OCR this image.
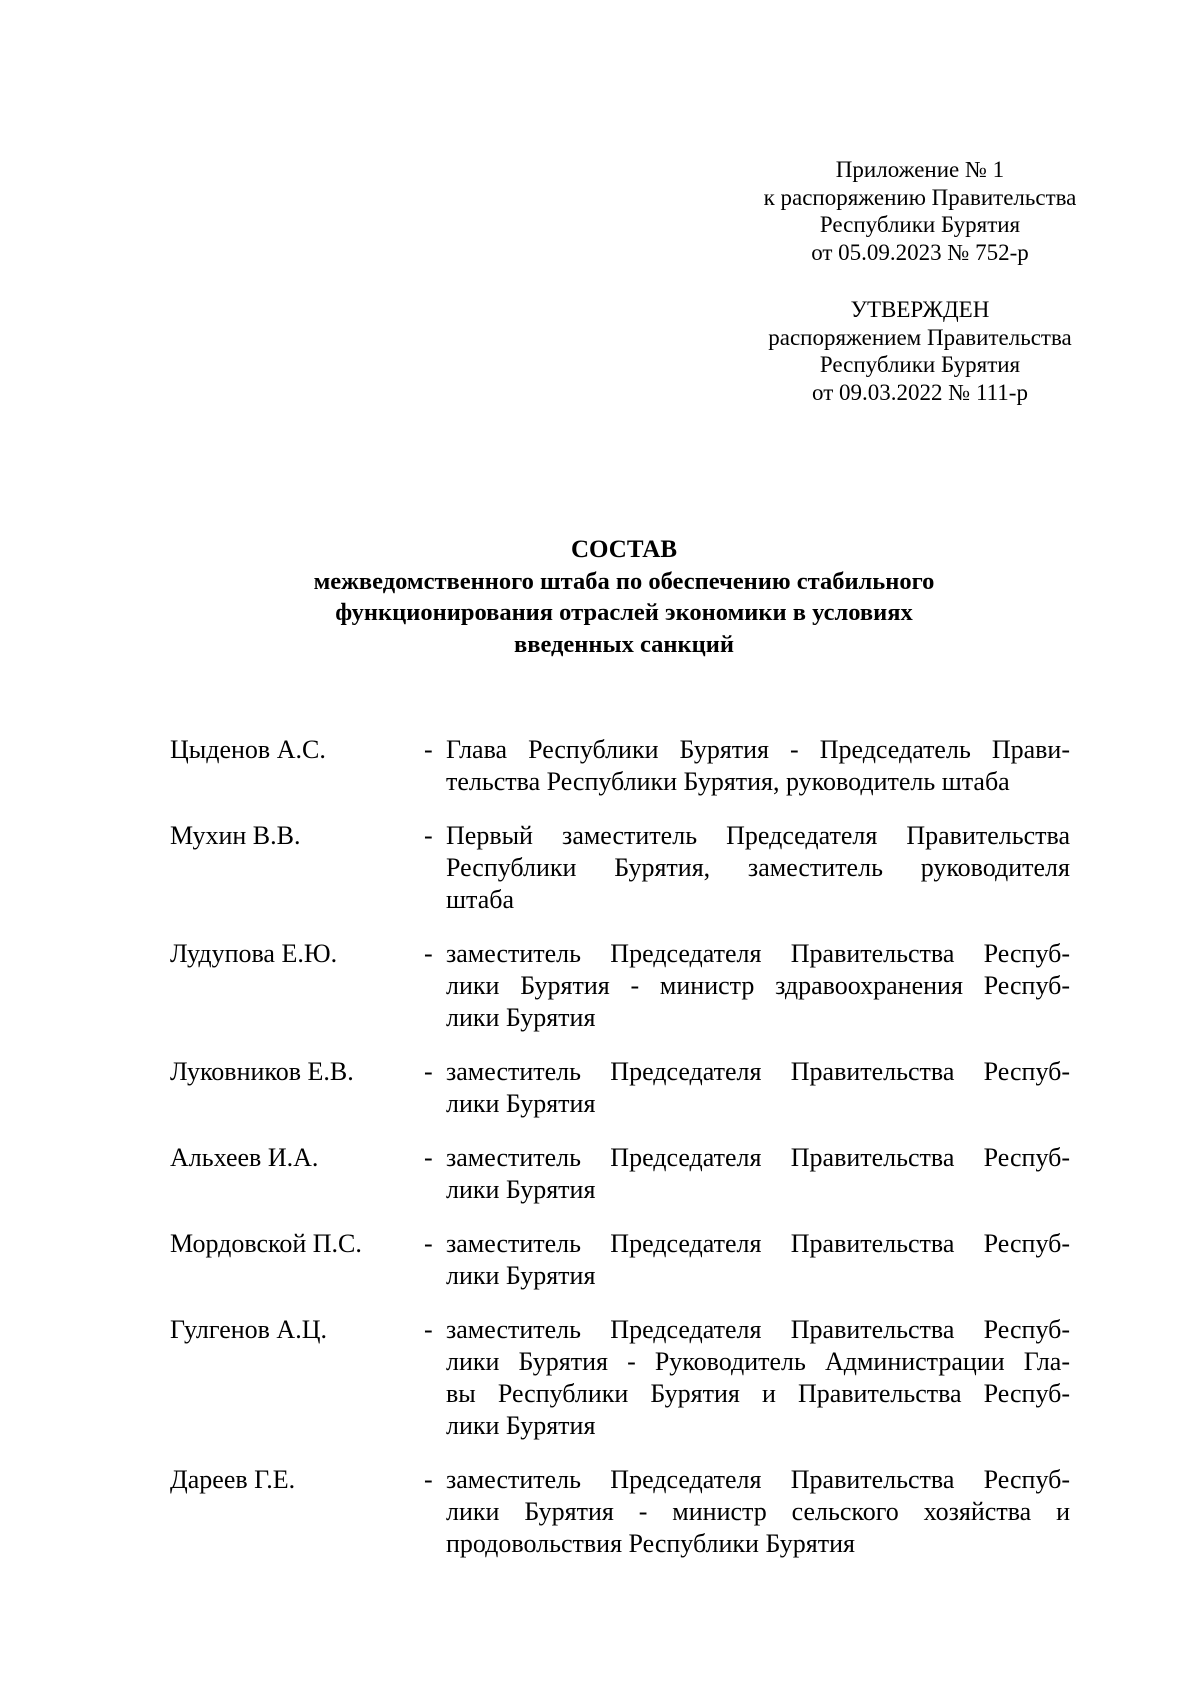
Приложение № 1
к распоряжению Правительства
Республики Бурятия
от 05.09.2023 № 752-р
УТВЕРЖДЕН
распоряжением Правительства
Республики Бурятия
от 09.03.2022 № 111-р
СОСТАВ
межведомственного штаба по обеспечению стабильного
функционирования отраслей экономики в условиях
введенных санкций
Цыденов А.С.	- Глава Республики Бурятия - Председатель Прави-
тельства Республики Бурятия, руководитель штаба
Мухин В.В.	- Первый заместитель Председателя Правительства
Республики Бурятия, заместитель руководителя
штаба
Лудупова Е.Ю.	- заместитель Председателя Правительства Респуб-
лики Бурятия - министр здравоохранения Респуб-
лики Бурятия
Луковников Е.В.	- заместитель Председателя Правительства Респуб-
лики Бурятия
Альхеев И.А.	- заместитель Председателя Правительства Респуб-
лики Бурятия
Мордовской П.С.	- заместитель Председателя Правительства Респуб-
лики Бурятия
Гулгенов А.Ц.	- заместитель Председателя Правительства Респуб-
лики Бурятия - Руководитель Администрации Гла-
вы Республики Бурятия и Правительства Респуб-
лики Бурятия
Дареев Г.Е.	- заместитель Председателя Правительства Респуб-
лики Бурятия - министр сельского хозяйства и
продовольствия Республики Бурятия
